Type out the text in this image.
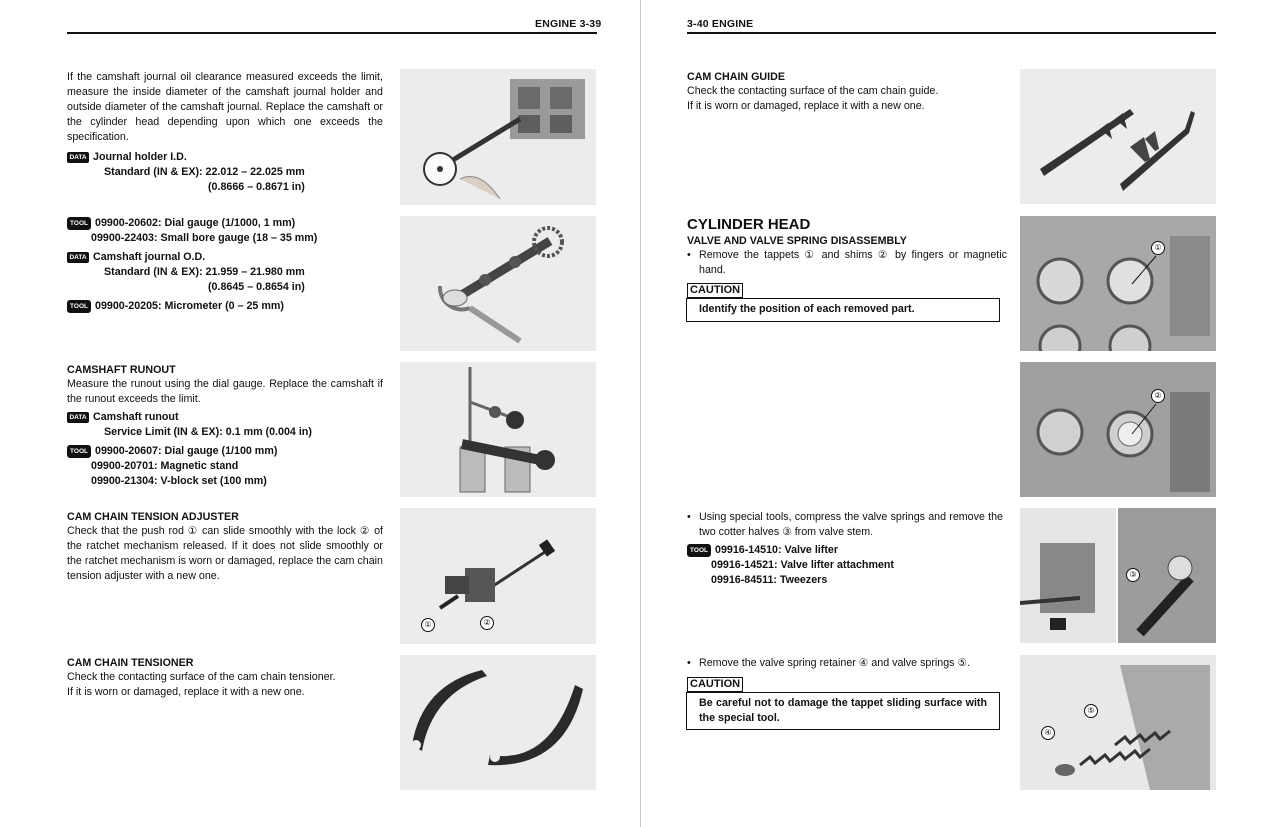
ENGINE 3-39

If the camshaft journal oil clearance measured exceeds the limit, measure the inside diameter of the camshaft journal holder and outside diameter of the camshaft journal. Replace the camshaft or the cylinder head depending upon which one exceeds the specification.

DATA Journal holder I.D.
Standard (IN & EX): 22.012 – 22.025 mm
(0.8666 – 0.8671 in)
TOOL 09900-20602: Dial gauge (1/1000, 1 mm)
09900-22403: Small bore gauge (18 – 35 mm)
DATA Camshaft journal O.D.
Standard (IN & EX): 21.959 – 21.980 mm
(0.8645 – 0.8654 in)
TOOL 09900-20205: Micrometer (0 – 25 mm)
CAMSHAFT RUNOUT

Measure the runout using the dial gauge. Replace the camshaft if the runout exceeds the limit.

DATA Camshaft runout
Service Limit (IN & EX): 0.1 mm (0.004 in)
TOOL 09900-20607: Dial gauge (1/100 mm)
09900-20701: Magnetic stand
09900-21304: V-block set (100 mm)
CAM CHAIN TENSION ADJUSTER

Check that the push rod ① can slide smoothly with the lock ② of the ratchet mechanism released. If it does not slide smoothly or the ratchet mechanism is worn or damaged, replace the cam chain tension adjuster with a new one.

①	②
CAM CHAIN TENSIONER
Check the contacting surface of the cam chain tensioner.
If it is worn or damaged, replace it with a new one.
3-40 ENGINE
CAM CHAIN GUIDE
Check the contacting surface of the cam chain guide.
If it is worn or damaged, replace it with a new one.
CYLINDER HEAD
VALVE AND VALVE SPRING DISASSEMBLY
• Remove the tappets ① and shims ② by fingers or magnetic hand.
CAUTION
Identify the position of each removed part.
①
②
• Using special tools, compress the valve springs and remove the two cotter halves ③ from valve stem.
TOOL 09916-14510: Valve lifter
09916-14521: Valve lifter attachment
09916-84511: Tweezers	③
• Remove the valve spring retainer ④ and valve springs ⑤.
CAUTION
Be careful not to damage the tappet sliding surface with the special tool.
⑤
④
